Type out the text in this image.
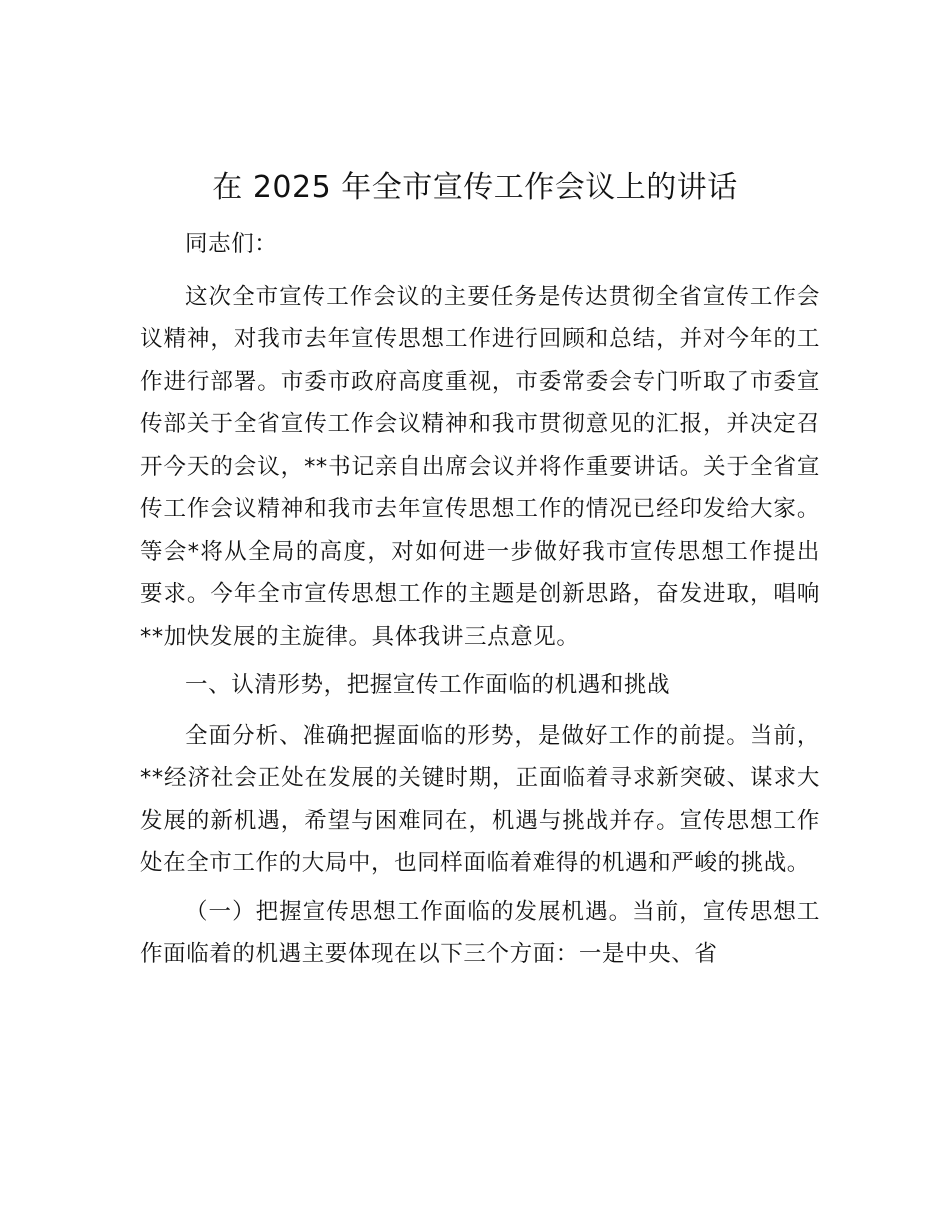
在 2025 年全市宣传工作会议上的讲话

同志们：

这次全市宣传工作会议的主要任务是传达贯彻全省宣传工作会议精神，对我市去年宣传思想工作进行回顾和总结，并对今年的工作进行部署。市委市政府高度重视，市委常委会专门听取了市委宣传部关于全省宣传工作会议精神和我市贯彻意见的汇报，并决定召开今天的会议，**书记亲自出席会议并将作重要讲话。关于全省宣传工作会议精神和我市去年宣传思想工作的情况已经印发给大家。等会*将从全局的高度，对如何进一步做好我市宣传思想工作提出要求。今年全市宣传思想工作的主题是创新思路，奋发进取，唱响**加快发展的主旋律。具体我讲三点意见。

一、认清形势，把握宣传工作面临的机遇和挑战

全面分析、准确把握面临的形势，是做好工作的前提。当前，**经济社会正处在发展的关键时期，正面临着寻求新突破、谋求大发展的新机遇，希望与困难同在，机遇与挑战并存。宣传思想工作处在全市工作的大局中，也同样面临着难得的机遇和严峻的挑战。

（一）把握宣传思想工作面临的发展机遇。当前，宣传思想工作面临着的机遇主要体现在以下三个方面：一是中央、省
